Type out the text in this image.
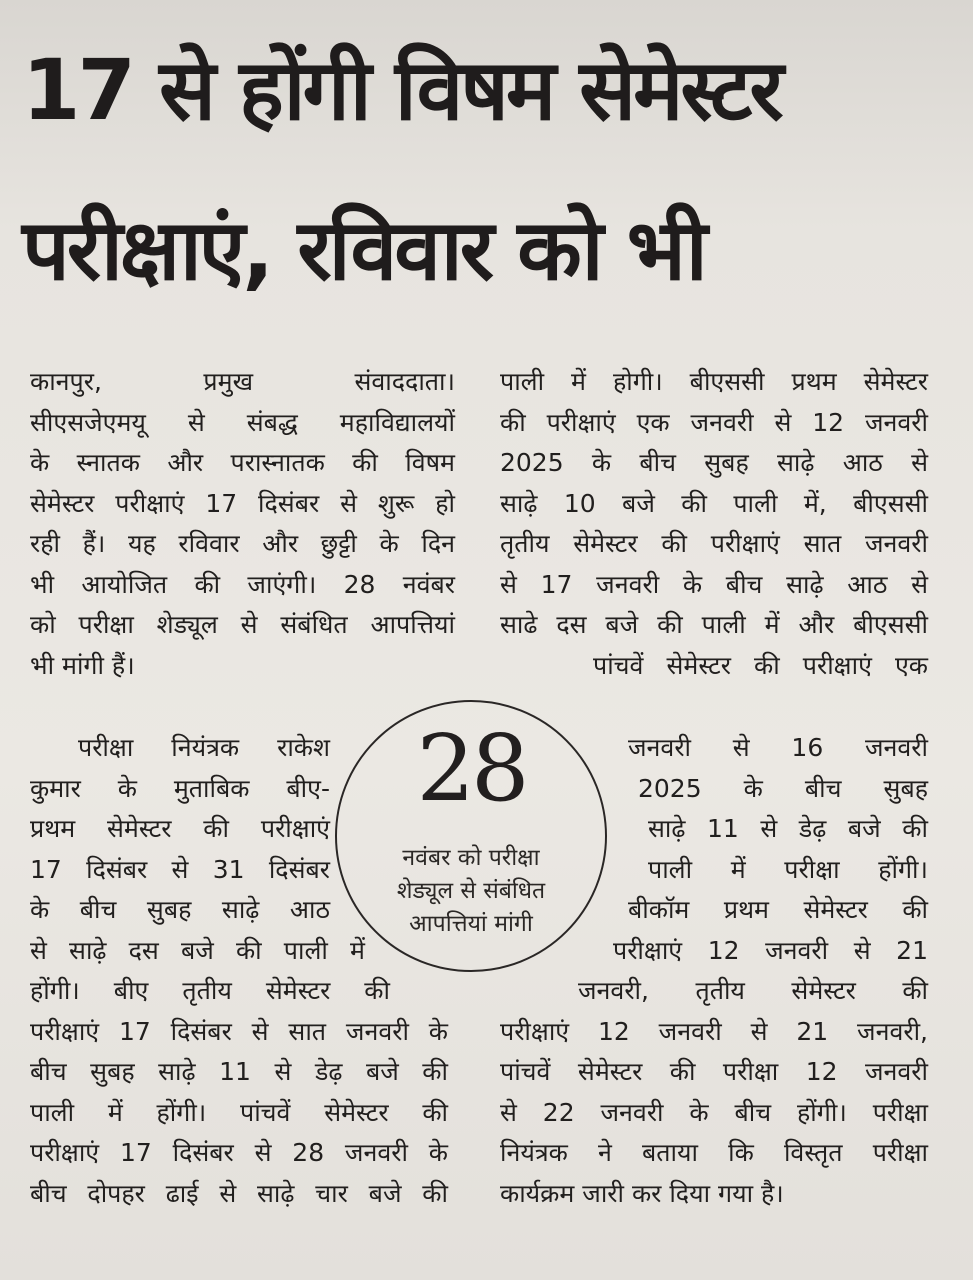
17 से होंगी विषम सेमेस्टर
परीक्षाएं, रविवार को भी
कानपुर, प्रमुख संवाददाता।
सीएसजेएमयू से संबद्ध महाविद्यालयों
के स्नातक और परास्नातक की विषम
सेमेस्टर परीक्षाएं 17 दिसंबर से शुरू हो
रही हैं। यह रविवार और छुट्टी के दिन
भी आयोजित की जाएंगी। 28 नवंबर
को परीक्षा शेड्यूल से संबंधित आपत्तियां
भी मांगी हैं।
परीक्षा नियंत्रक राकेश
कुमार के मुताबिक बीए-
प्रथम सेमेस्टर की परीक्षाएं
17 दिसंबर से 31 दिसंबर
के बीच सुबह साढ़े आठ
से साढ़े दस बजे की पाली में
होंगी। बीए तृतीय सेमेस्टर की
परीक्षाएं 17 दिसंबर से सात जनवरी के
बीच सुबह साढ़े 11 से डेढ़ बजे की
पाली में होंगी। पांचवें सेमेस्टर की
परीक्षाएं 17 दिसंबर से 28 जनवरी के
बीच दोपहर ढाई से साढ़े चार बजे की
पाली में होगी। बीएससी प्रथम सेमेस्टर
की परीक्षाएं एक जनवरी से 12 जनवरी
2025 के बीच सुबह साढ़े आठ से
साढ़े 10 बजे की पाली में, बीएससी
तृतीय सेमेस्टर की परीक्षाएं सात जनवरी
से 17 जनवरी के बीच साढ़े आठ से
साढे दस बजे की पाली में और बीएससी
पांचवें सेमेस्टर की परीक्षाएं एक
जनवरी से 16 जनवरी
2025 के बीच सुबह
साढ़े 11 से डेढ़ बजे की
पाली में परीक्षा होंगी।
बीकॉम प्रथम सेमेस्टर की
परीक्षाएं 12 जनवरी से 21
जनवरी, तृतीय सेमेस्टर की
परीक्षाएं 12 जनवरी से 21 जनवरी,
पांचवें सेमेस्टर की परीक्षा 12 जनवरी
से 22 जनवरी के बीच होंगी। परीक्षा
नियंत्रक ने बताया कि विस्तृत परीक्षा
कार्यक्रम जारी कर दिया गया है।
28
नवंबर को परीक्षा
शेड्यूल से संबंधित
आपत्तियां मांगी
